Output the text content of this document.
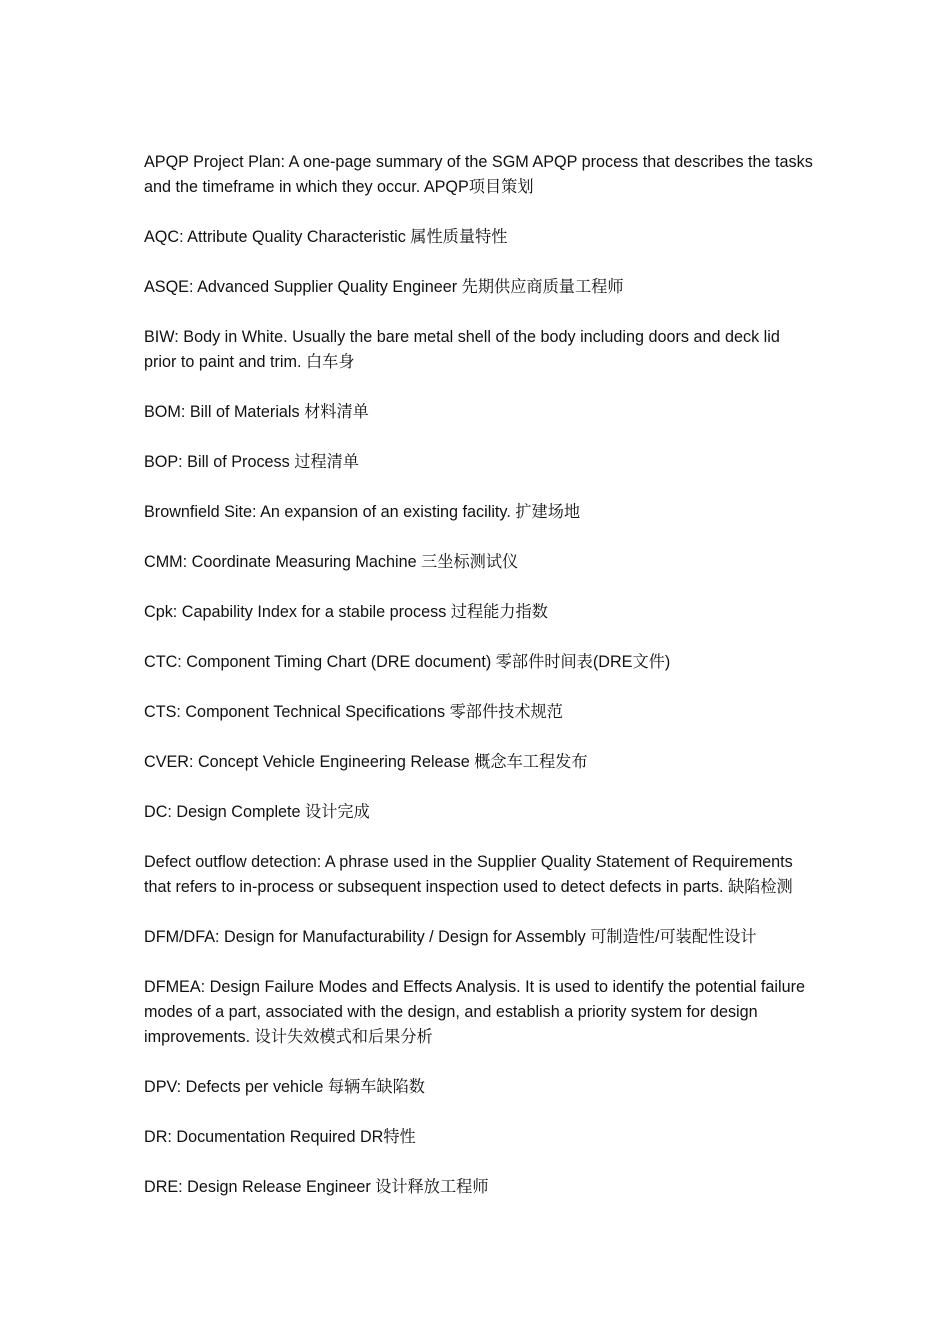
APQP Project Plan: A one-page summary of the SGM APQP process that describes the tasks and the timeframe in which they occur. APQP项目策划

AQC: Attribute Quality Characteristic 属性质量特性

ASQE: Advanced Supplier Quality Engineer 先期供应商质量工程师

BIW: Body in White. Usually the bare metal shell of the body including doors and deck lid prior to paint and trim. 白车身

BOM: Bill of Materials 材料清单

BOP: Bill of Process 过程清单

Brownfield Site: An expansion of an existing facility. 扩建场地

CMM: Coordinate Measuring Machine 三坐标测试仪

Cpk: Capability Index for a stabile process 过程能力指数

CTC: Component Timing Chart (DRE document) 零部件时间表(DRE文件)

CTS: Component Technical Specifications 零部件技术规范

CVER: Concept Vehicle Engineering Release 概念车工程发布

DC: Design Complete 设计完成

Defect outflow detection: A phrase used in the Supplier Quality Statement of Requirements that refers to in-process or subsequent inspection used to detect defects in parts. 缺陷检测

DFM/DFA: Design for Manufacturability / Design for Assembly 可制造性/可装配性设计

DFMEA: Design Failure Modes and Effects Analysis. It is used to identify the potential failure modes of a part, associated with the design, and establish a priority system for design improvements. 设计失效模式和后果分析

DPV: Defects per vehicle 每辆车缺陷数

DR: Documentation Required DR特性

DRE: Design Release Engineer 设计释放工程师
